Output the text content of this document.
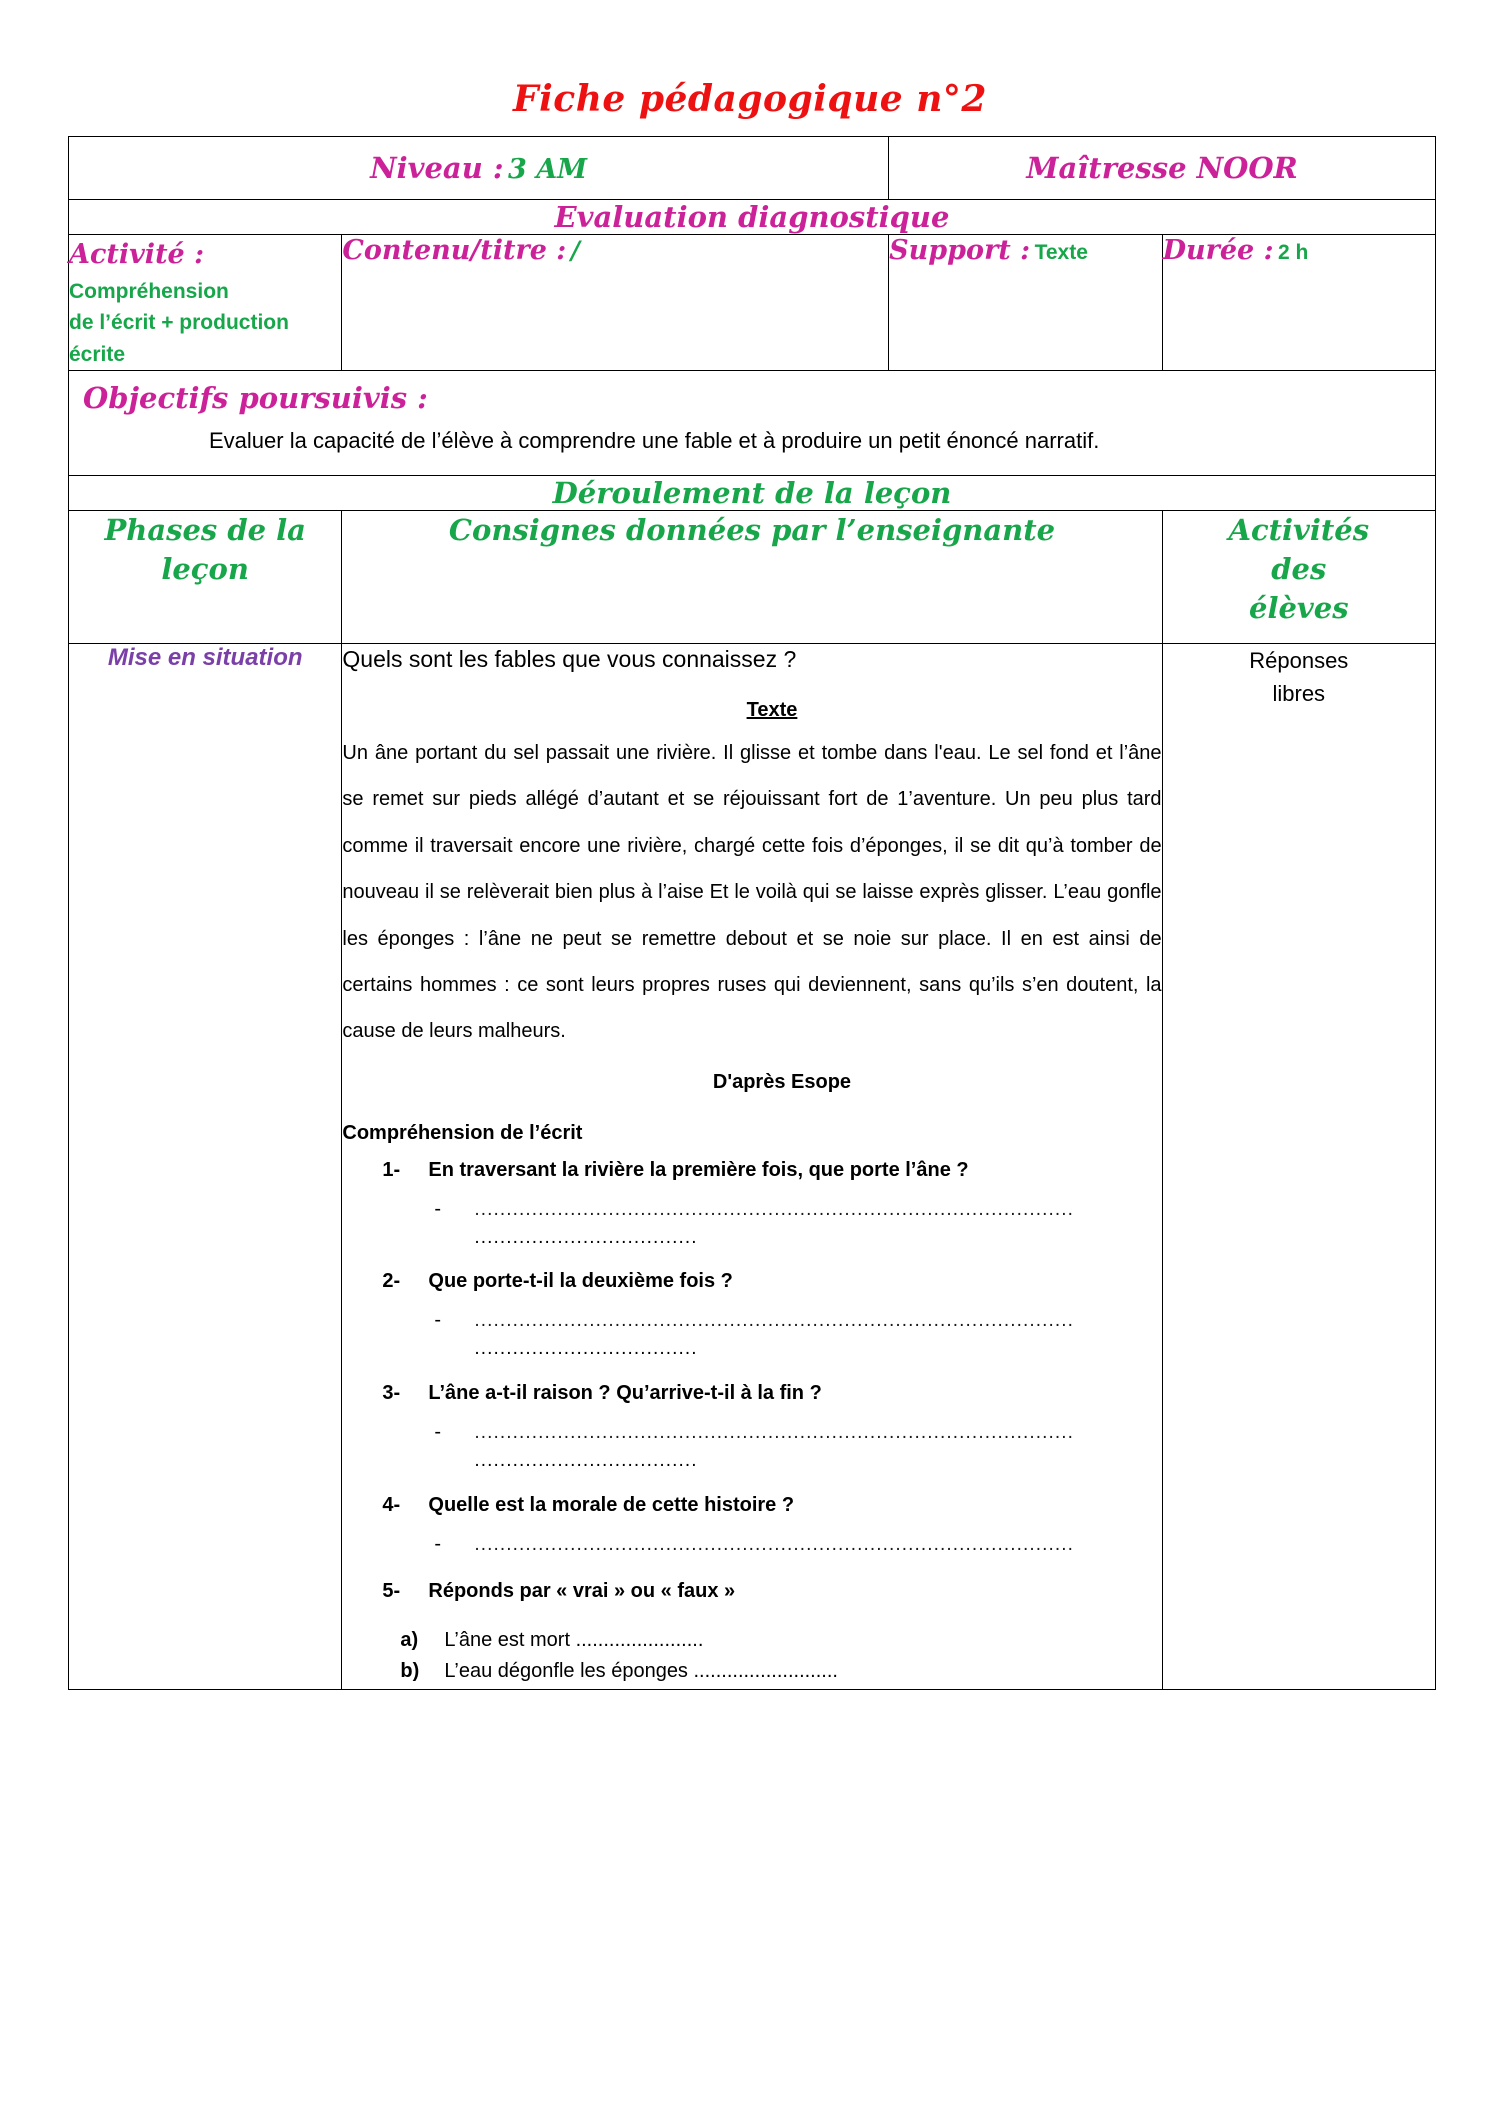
Fiche pédagogique n°2
Niveau : 3 AM		Maîtresse NOOR	
Evaluation diagnostique			
Activité : Compréhension
de l’écrit + production écrite	Contenu/titre : /	Support : Texte	Durée : 2 h

Objectifs poursuivis :
Evaluer la capacité de l’élève à comprendre une fable et à produire un petit énoncé narratif.			

Déroulement de la leçon			

Phases de la
leçon	Consignes données par l’enseignante		Activités
des
élèves

Mise en situation	Quels sont les fables que vous connaissez ?
Texte
Un âne portant du sel passait une rivière. Il glisse et tombe dans l'eau. Le sel fond et l’âne se remet sur pieds allégé d’autant et se réjouissant fort de 1’aventure. Un peu plus tard comme il traversait encore une rivière, chargé cette fois d’éponges, il se dit qu’à tomber de nouveau il se relèverait bien plus à l’aise Et le voilà qui se laisse exprès glisser. L’eau gonfle les éponges : l’âne ne peut se remettre debout et se noie sur place. Il en est ainsi de certains hommes : ce sont leurs propres ruses qui deviennent, sans qu’ils s’en doutent, la cause de leurs malheurs.
D'après Esope
Compréhension de l’écrit
1-	En traversant la rivière la première fois, que porte l’âne ?
-	..............................................................................................
...................................
2-	Que porte-t-il la deuxième fois ?
-	..............................................................................................
...................................
3-	L’âne a-t-il raison ? Qu’arrive-t-il à la fin ?
-	..............................................................................................
...................................
4-	Quelle est la morale de cette histoire ?
-	..............................................................................................
5-	Réponds par « vrai » ou « faux »
a)	L’âne est mort .......................
b)	L’eau dégonfle les éponges ..........................

Réponses
libres
